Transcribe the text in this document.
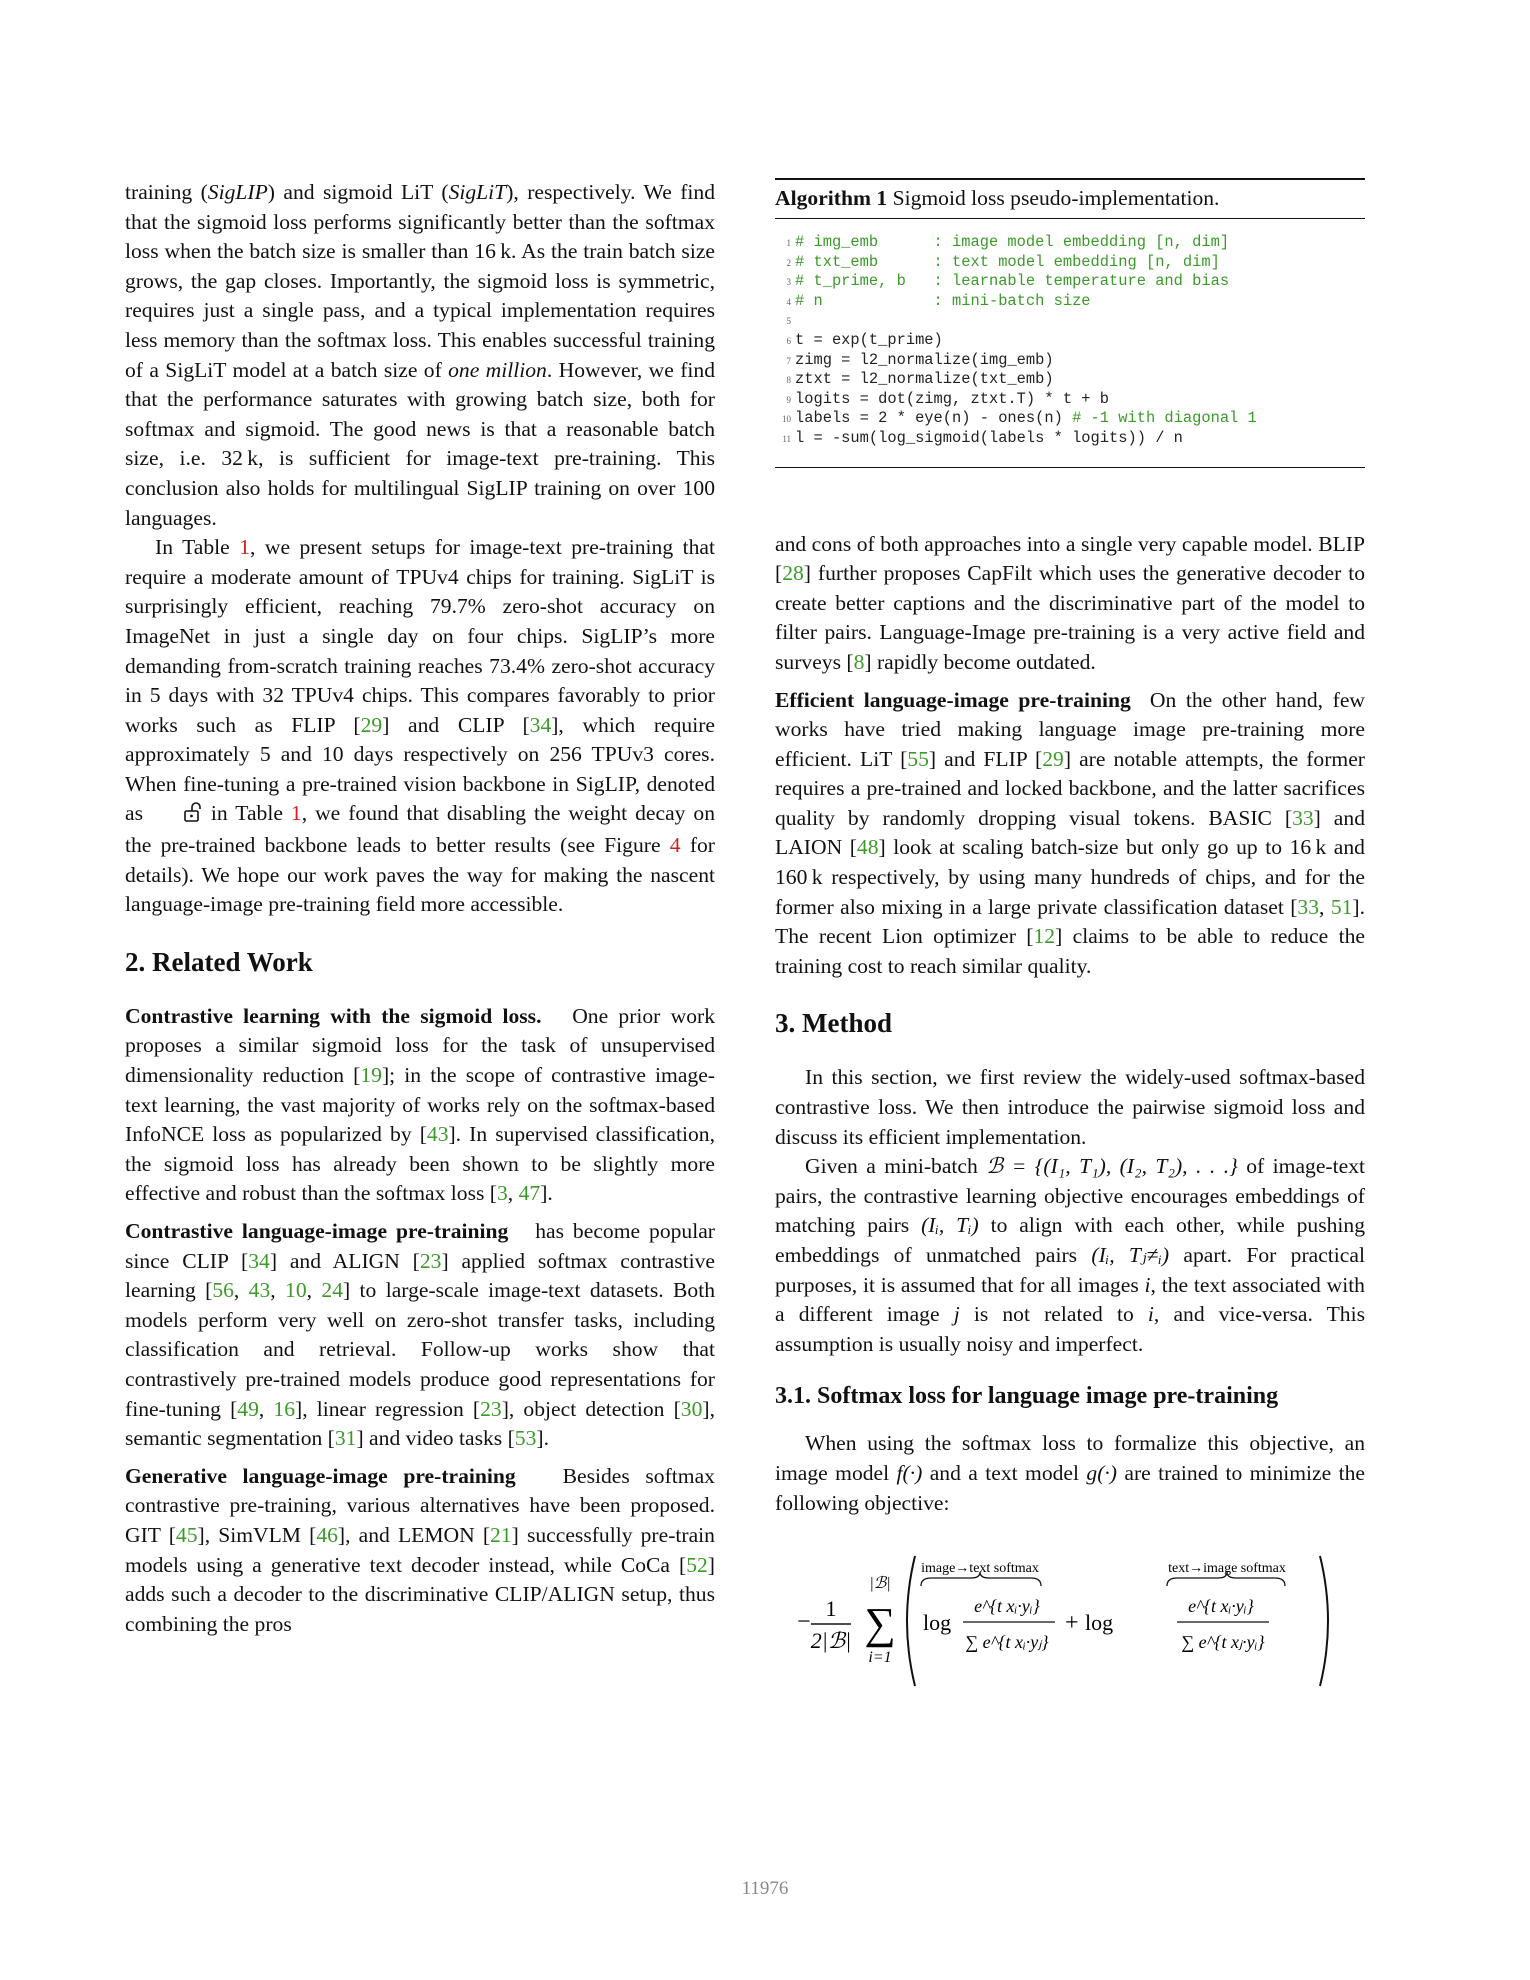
training (SigLIP) and sigmoid LiT (SigLiT), respectively. We find that the sigmoid loss performs significantly better than the softmax loss when the batch size is smaller than 16 k. As the train batch size grows, the gap closes. Importantly, the sigmoid loss is symmetric, requires just a single pass, and a typical implementation requires less memory than the softmax loss. This enables successful training of a SigLiT model at a batch size of one million. However, we find that the performance saturates with growing batch size, both for softmax and sigmoid. The good news is that a reasonable batch size, i.e. 32 k, is sufficient for image-text pre-training. This conclusion also holds for multilingual SigLIP training on over 100 languages.

In Table 1, we present setups for image-text pre-training that require a moderate amount of TPUv4 chips for training. SigLiT is surprisingly efficient, reaching 79.7% zero-shot accuracy on ImageNet in just a single day on four chips. SigLIP’s more demanding from-scratch training reaches 73.4% zero-shot accuracy in 5 days with 32 TPUv4 chips. This compares favorably to prior works such as FLIP [29] and CLIP [34], which require approximately 5 and 10 days respectively on 256 TPUv3 cores. When fine-tuning a pre-trained vision backbone in SigLIP, denoted as  in Table 1, we found that disabling the weight decay on the pre-trained backbone leads to better results (see Figure 4 for details). We hope our work paves the way for making the nascent language-image pre-training field more accessible.

2. Related Work

Contrastive learning with the sigmoid loss. One prior work proposes a similar sigmoid loss for the task of unsupervised dimensionality reduction [19]; in the scope of contrastive image-text learning, the vast majority of works rely on the softmax-based InfoNCE loss as popularized by [43]. In supervised classification, the sigmoid loss has already been shown to be slightly more effective and robust than the softmax loss [3, 47].

Contrastive language-image pre-training has become popular since CLIP [34] and ALIGN [23] applied softmax contrastive learning [56, 43, 10, 24] to large-scale image-text datasets. Both models perform very well on zero-shot transfer tasks, including classification and retrieval. Follow-up works show that contrastively pre-trained models produce good representations for fine-tuning [49, 16], linear regression [23], object detection [30], semantic segmentation [31] and video tasks [53].

Generative language-image pre-training Besides softmax contrastive pre-training, various alternatives have been proposed. GIT [45], SimVLM [46], and LEMON [21] successfully pre-train models using a generative text decoder instead, while CoCa [52] adds such a decoder to the discriminative CLIP/ALIGN setup, thus combining the pros

Algorithm 1 Sigmoid loss pseudo-implementation.
1 # img_emb      : image model embedding [n, dim]
2 # txt_emb      : text model embedding [n, dim]
3 # t_prime, b   : learnable temperature and bias
4 # n            : mini-batch size
5
6 t = exp(t_prime)
7 zimg = l2_normalize(img_emb)
8 ztxt = l2_normalize(txt_emb)
9 logits = dot(zimg, ztxt.T) * t + b
10 labels = 2 * eye(n) - ones(n) # -1 with diagonal 1
11 l = -sum(log_sigmoid(labels * logits)) / n

and cons of both approaches into a single very capable model. BLIP [28] further proposes CapFilt which uses the generative decoder to create better captions and the discriminative part of the model to filter pairs. Language-Image pre-training is a very active field and surveys [8] rapidly become outdated.

Efficient language-image pre-training On the other hand, few works have tried making language image pre-training more efficient. LiT [55] and FLIP [29] are notable attempts, the former requires a pre-trained and locked backbone, and the latter sacrifices quality by randomly dropping visual tokens. BASIC [33] and LAION [48] look at scaling batch-size but only go up to 16 k and 160 k respectively, by using many hundreds of chips, and for the former also mixing in a large private classification dataset [33, 51]. The recent Lion optimizer [12] claims to be able to reduce the training cost to reach similar quality.

3. Method

In this section, we first review the widely-used softmax-based contrastive loss. We then introduce the pairwise sigmoid loss and discuss its efficient implementation.

Given a mini-batch ℬ = {(I₁, T₁), (I₂, T₂), . . .} of image-text pairs, the contrastive learning objective encourages embeddings of matching pairs (Iᵢ, Tᵢ) to align with each other, while pushing embeddings of unmatched pairs (Iᵢ, Tⱼ≠ᵢ) apart. For practical purposes, it is assumed that for all images i, the text associated with a different image j is not related to i, and vice-versa. This assumption is usually noisy and imperfect.

3.1. Softmax loss for language image pre-training

When using the softmax loss to formalize this objective, an image model f(·) and a text model g(·) are trained to minimize the following objective:

−
1
2|ℬ|
|ℬ|
∑
i=1
image→text softmax	text→image softmax
log
e^{t xᵢ·yᵢ}
∑ e^{t xᵢ·yⱼ}
+ log
e^{t xᵢ·yᵢ}
∑ e^{t xⱼ·yᵢ}
11976
